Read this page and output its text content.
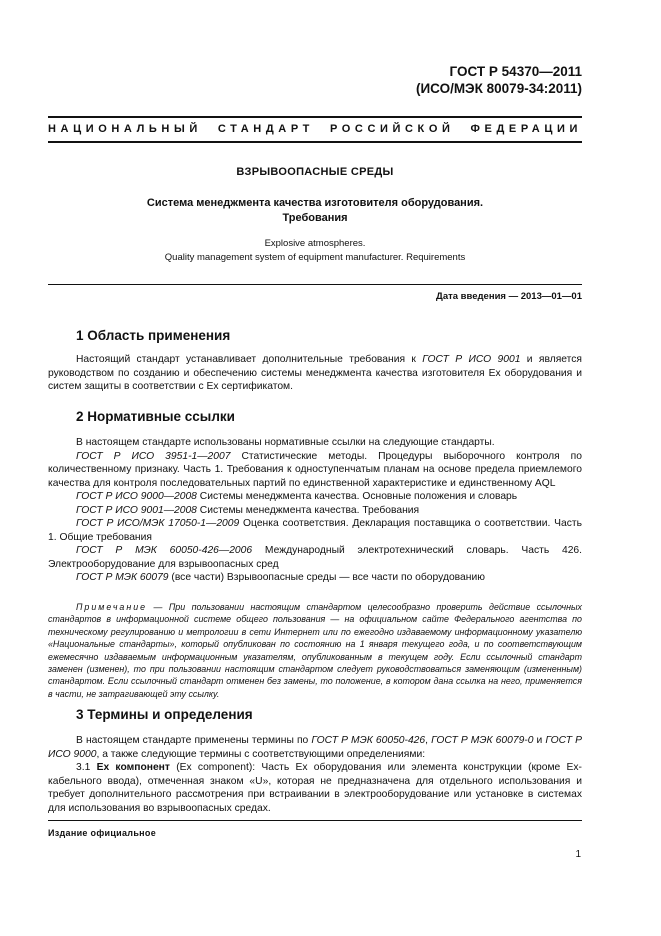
ГОСТ Р 54370—2011
(ИСО/МЭК 80079-34:2011)
НАЦИОНАЛЬНЫЙ СТАНДАРТ РОССИЙСКОЙ ФЕДЕРАЦИИ
ВЗРЫВООПАСНЫЕ СРЕДЫ
Система менеджмента качества изготовителя оборудования.
Требования
Explosive atmospheres.
Quality management system of equipment manufacturer. Requirements
Дата введения — 2013—01—01
1 Область применения
Настоящий стандарт устанавливает дополнительные требования к ГОСТ Р ИСО 9001 и является руководством по созданию и обеспечению системы менеджмента качества изготовителя Ex оборудования и систем защиты в соответствии с Ex сертификатом.
2 Нормативные ссылки
В настоящем стандарте использованы нормативные ссылки на следующие стандарты.
ГОСТ Р ИСО 3951-1—2007 Статистические методы. Процедуры выборочного контроля по количественному признаку. Часть 1. Требования к одноступенчатым планам на основе предела приемлемого качества для контроля последовательных партий по единственной характеристике и единственному AQL
ГОСТ Р ИСО 9000—2008 Системы менеджмента качества. Основные положения и словарь
ГОСТ Р ИСО 9001—2008 Системы менеджмента качества. Требования
ГОСТ Р ИСО/МЭК 17050-1—2009 Оценка соответствия. Декларация поставщика о соответствии. Часть 1. Общие требования
ГОСТ Р МЭК 60050-426—2006 Международный электротехнический словарь. Часть 426. Электрооборудование для взрывоопасных сред
ГОСТ Р МЭК 60079 (все части) Взрывоопасные среды — все части по оборудованию
Примечание — При пользовании настоящим стандартом целесообразно проверить действие ссылочных стандартов в информационной системе общего пользования — на официальном сайте Федерального агентства по техническому регулированию и метрологии в сети Интернет или по ежегодно издаваемому информационному указателю «Национальные стандарты», который опубликован по состоянию на 1 января текущего года, и по соответствующим ежемесячно издаваемым информационным указателям, опубликованным в текущем году. Если ссылочный стандарт заменен (изменен), то при пользовании настоящим стандартом следует руководствоваться заменяющим (измененным) стандартом. Если ссылочный стандарт отменен без замены, то положение, в котором дана ссылка на него, применяется в части, не затрагивающей эту ссылку.
3 Термины и определения
В настоящем стандарте применены термины по ГОСТ Р МЭК 60050-426, ГОСТ Р МЭК 60079-0 и ГОСТ Р ИСО 9000, а также следующие термины с соответствующими определениями:
3.1 Ex компонент (Ex component): Часть Ex оборудования или элемента конструкции (кроме Ex-кабельного ввода), отмеченная знаком «U», которая не предназначена для отдельного использования и требует дополнительного рассмотрения при встраивании в электрооборудование или установке в системах для использования во взрывоопасных средах.
Издание официальное
1
